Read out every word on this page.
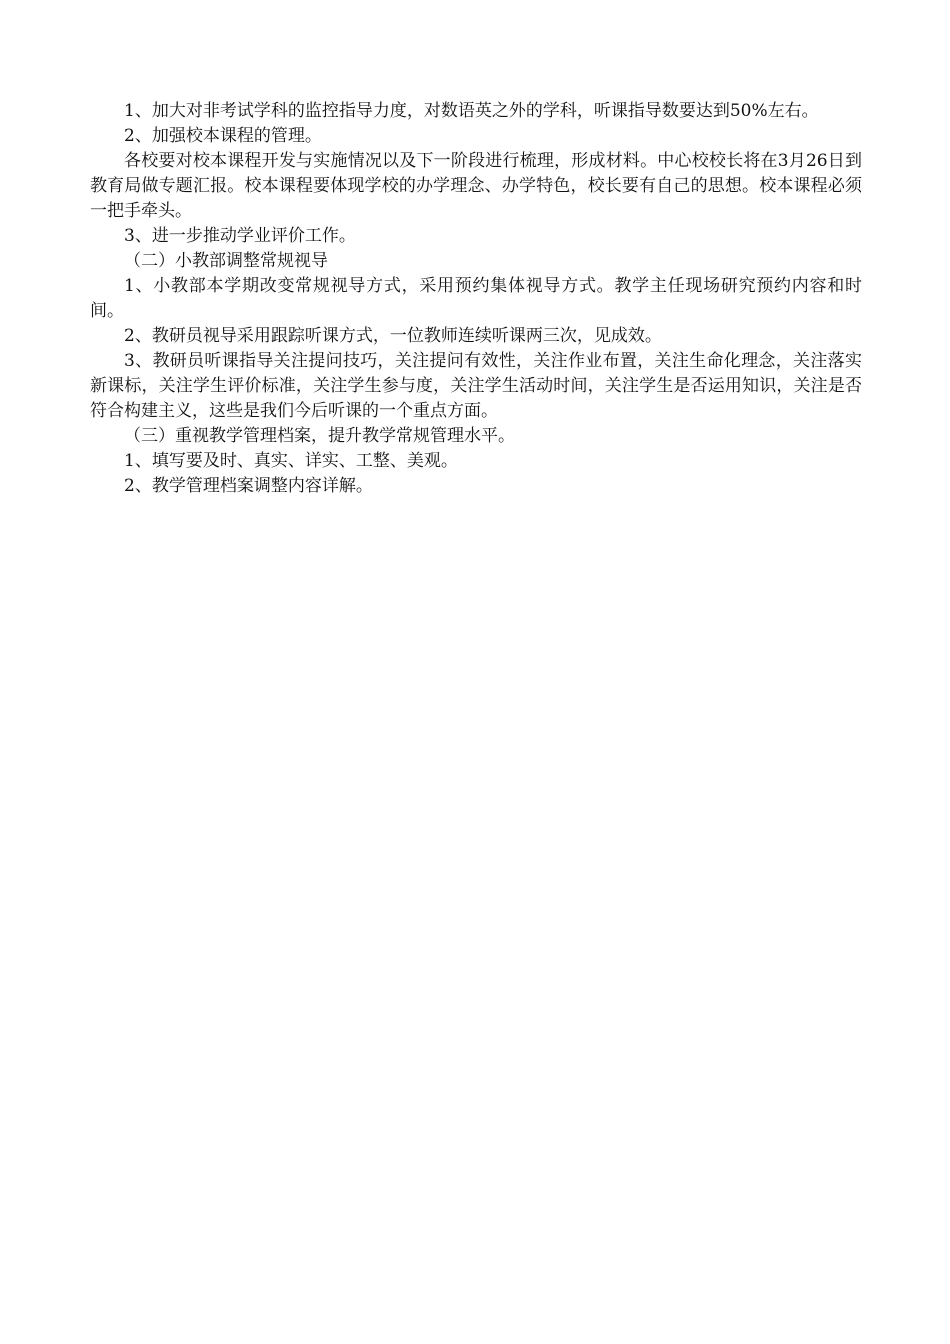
1、加大对非考试学科的监控指导力度，对数语英之外的学科，听课指导数要达到50%左右。

2、加强校本课程的管理。

各校要对校本课程开发与实施情况以及下一阶段进行梳理，形成材料。中心校校长将在3月26日到教育局做专题汇报。校本课程要体现学校的办学理念、办学特色，校长要有自己的思想。校本课程必须一把手牵头。

3、进一步推动学业评价工作。

（二）小教部调整常规视导

1、小教部本学期改变常规视导方式，采用预约集体视导方式。教学主任现场研究预约内容和时间。

2、教研员视导采用跟踪听课方式，一位教师连续听课两三次，见成效。

3、教研员听课指导关注提问技巧，关注提问有效性，关注作业布置，关注生命化理念，关注落实新课标，关注学生评价标准，关注学生参与度，关注学生活动时间，关注学生是否运用知识，关注是否符合构建主义，这些是我们今后听课的一个重点方面。

（三）重视教学管理档案，提升教学常规管理水平。

1、填写要及时、真实、详实、工整、美观。

2、教学管理档案调整内容详解。
